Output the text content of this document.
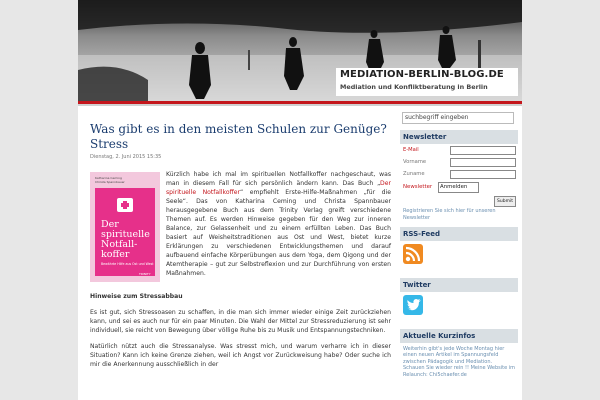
MEDIATION-BERLIN-BLOG.DE
Mediation und Konfliktberatung in Berlin
Was gibt es in den meisten Schulen zur Genüge? Stress
Dienstag, 2. Juni 2015 15:35
Katharina Ceming
Christa Spannbauer
Der
spirituelle
Notfall-
koffer
Bewährte Hilfe aus Ost und West
TRINITY

Kürzlich habe ich mal im spirituellen Notfallkoffer nachgeschaut, was man in diesem Fall für sich persönlich ändern kann. Das Buch „Der spirituelle Notfallkoffer“ empfiehlt Erste-Hilfe-Maßnahmen „für die Seele“. Das von Katharina Ceming und Christa Spannbauer herausgegebene Buch aus dem Trinity Verlag greift verschiedene Themen auf. Es werden Hinweise gegeben für den Weg zur inneren Balance, zur Gelassenheit und zu einem erfüllten Leben. Das Buch basiert auf Weisheitstraditionen aus Ost und West, bietet kurze Erklärungen zu verschiedenen Entwicklungsthemen und darauf aufbauend einfache Körperübungen aus dem Yoga, dem Qigong und der Atemtherapie – gut zur Selbstreflexion und zur Durchführung von ersten Maßnahmen.

Hinweise zum Stressabbau

Es ist gut, sich Stressoasen zu schaffen, in die man sich immer wieder einige Zeit zurückziehen kann, und sei es auch nur für ein paar Minuten. Die Wahl der Mittel zur Stressreduzierung ist sehr individuell, sie reicht von Bewegung über völlige Ruhe bis zu Musik und Entspannungstechniken.

Natürlich nützt auch die Stressanalyse. Was stresst mich, und warum verharre ich in dieser Situation? Kann ich keine Grenze ziehen, weil ich Angst vor Zurückweisung habe? Oder suche ich mir die Anerkennung ausschließlich in der

suchbegriff eingeben
Newsletter
E-Mail
Vorname
Zuname
Newsletter	Anmelden
Submit
Registrieren Sie sich hier für unseren Newsletter
RSS-Feed
Twitter
Aktuelle Kurzinfos
Weiterhin gibt's jede Woche Montag hier einen neuen Artikel im Spannungsfeld zwischen Pädagogik und Mediation. Schauen Sie wieder rein !! Meine Website im Relaunch: Chi5chaefer.de
